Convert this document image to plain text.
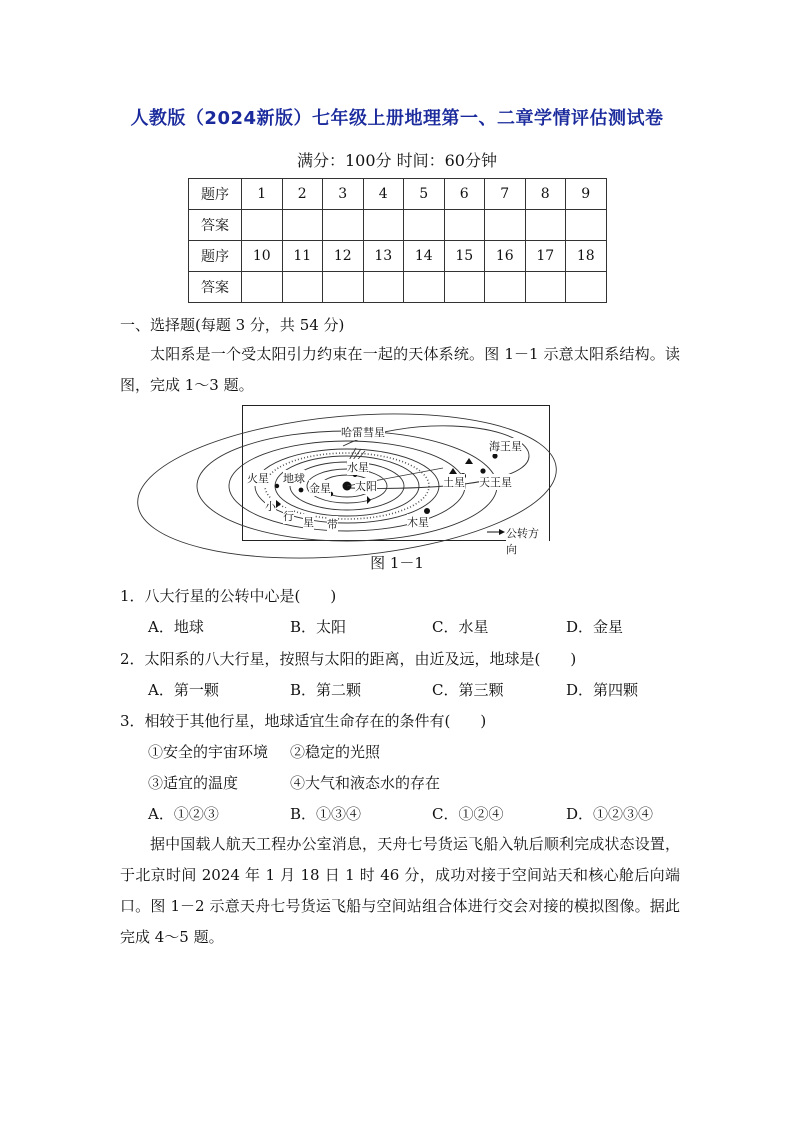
人教版（2024新版）七年级上册地理第一、二章学情评估测试卷
满分：100分 时间：60分钟
题序	1	2	3	4	5	6	7	8	9
答案									
题序	10	11	12	13	14	15	16	17	18
答案									
一、选择题(每题 3 分，共 54 分)
太阳系是一个受太阳引力约束在一起的天体系统。图 1－1 示意太阳系结构。读图，完成 1～3 题。
哈雷彗星
海王星
水星
火星 地球
金星 太阳	土星 天王星
木星
小
行 星 带
公转方向
图 1－1
1．八大行星的公转中心是(　　)
A．地球	B．太阳	C．水星	D．金星
2．太阳系的八大行星，按照与太阳的距离，由近及远，地球是(　　)
A．第一颗	B．第二颗	C．第三颗	D．第四颗
3．相较于其他行星，地球适宜生命存在的条件有(　　)
①安全的宇宙环境 ②稳定的光照
③适宜的温度	④大气和液态水的存在
A．①②③	B．①③④	C．①②④	D．①②③④
据中国载人航天工程办公室消息，天舟七号货运飞船入轨后顺利完成状态设置，于北京时间 2024 年 1 月 18 日 1 时 46 分，成功对接于空间站天和核心舱后向端口。图 1－2 示意天舟七号货运飞船与空间站组合体进行交会对接的模拟图像。据此完成 4～5 题。
